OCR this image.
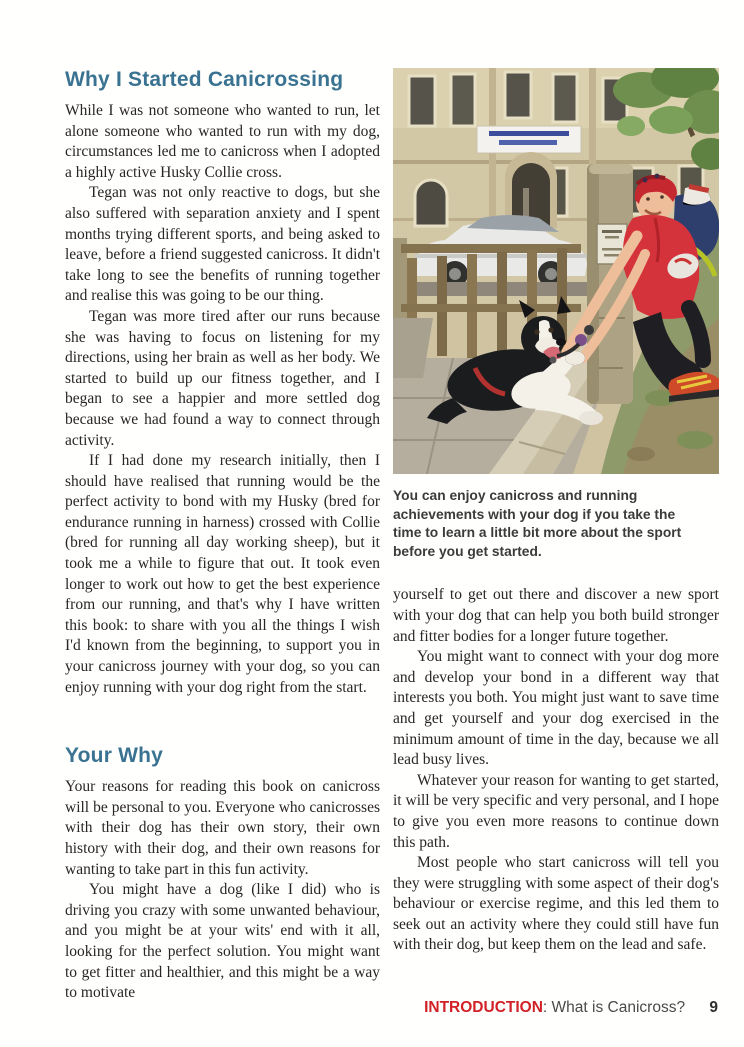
Why I Started Canicrossing

While I was not someone who wanted to run, let alone someone who wanted to run with my dog, circumstances led me to canicross when I adopted a highly active Husky Collie cross.

Tegan was not only reactive to dogs, but she also suffered with separation anxiety and I spent months trying different sports, and being asked to leave, before a friend suggested canicross. It didn't take long to see the benefits of running together and realise this was going to be our thing.

Tegan was more tired after our runs because she was having to focus on listening for my directions, using her brain as well as her body. We started to build up our fitness together, and I began to see a happier and more settled dog because we had found a way to connect through activity.

If I had done my research initially, then I should have realised that running would be the perfect activity to bond with my Husky (bred for endurance running in harness) crossed with Collie (bred for running all day working sheep), but it took me a while to figure that out. It took even longer to work out how to get the best experience from our running, and that's why I have written this book: to share with you all the things I wish I'd known from the beginning, to support you in your canicross journey with your dog, so you can enjoy running with your dog right from the start.

Your Why

Your reasons for reading this book on canicross will be personal to you. Everyone who canicrosses with their dog has their own story, their own history with their dog, and their own reasons for wanting to take part in this fun activity.

You might have a dog (like I did) who is driving you crazy with some unwanted behaviour, and you might be at your wits' end with it all, looking for the perfect solution. You might want to get fitter and healthier, and this might be a way to motivate

You can enjoy canicross and running achievements with your dog if you take the time to learn a little bit more about the sport before you get started.

yourself to get out there and discover a new sport with your dog that can help you both build stronger and fitter bodies for a longer future together.

You might want to connect with your dog more and develop your bond in a different way that interests you both. You might just want to save time and get yourself and your dog exercised in the minimum amount of time in the day, because we all lead busy lives.

Whatever your reason for wanting to get started, it will be very specific and very personal, and I hope to give you even more reasons to continue down this path.

Most people who start canicross will tell you they were struggling with some aspect of their dog's behaviour or exercise regime, and this led them to seek out an activity where they could still have fun with their dog, but keep them on the lead and safe.

INTRODUCTION: What is Canicross? 9
